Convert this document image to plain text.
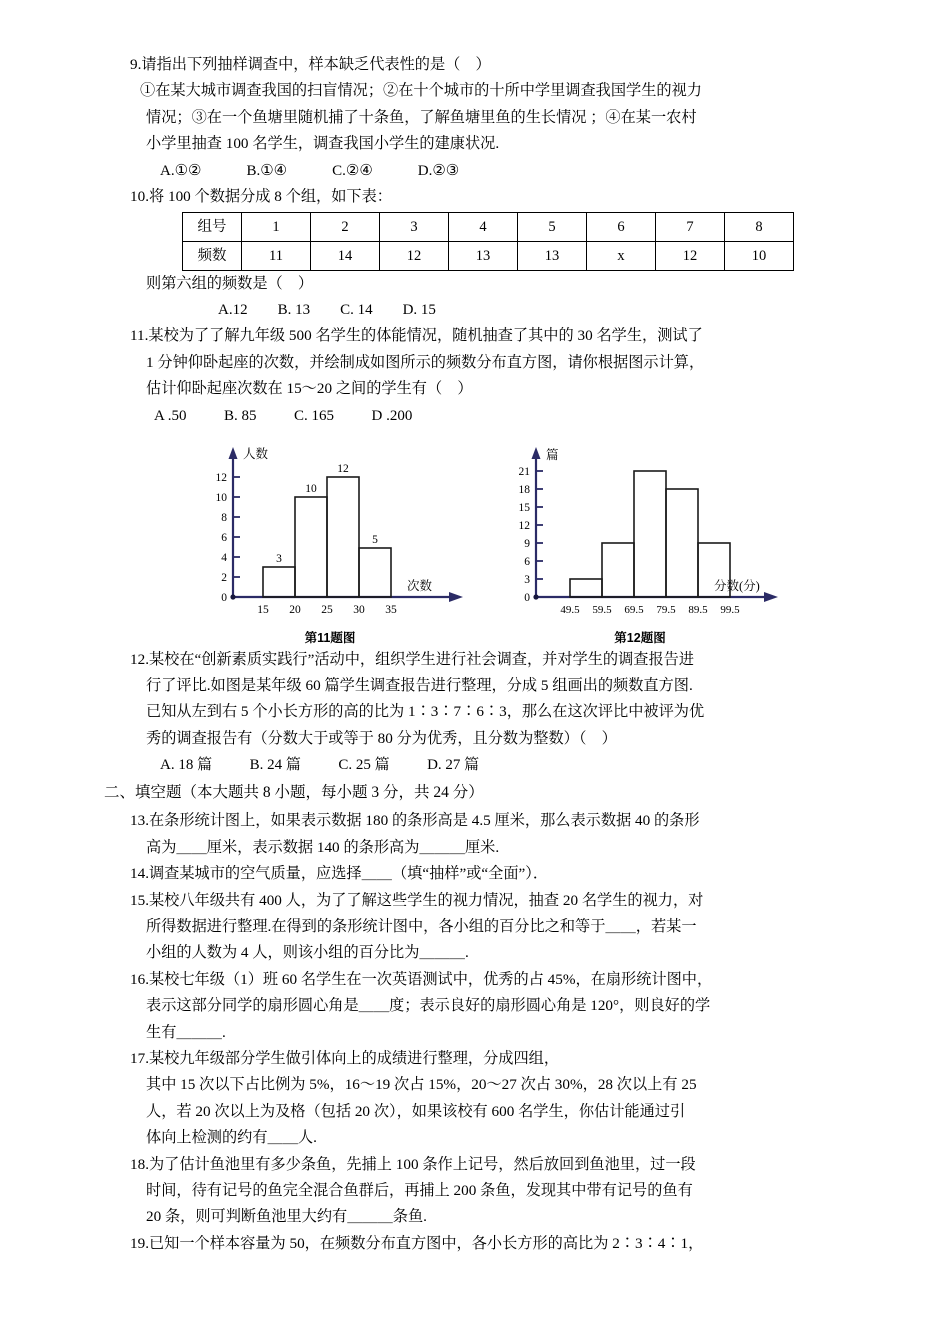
9.请指出下列抽样调查中，样本缺乏代表性的是（    ）
①在某大城市调查我国的扫盲情况；②在十个城市的十所中学里调查我国学生的视力
情况；③在一个鱼塘里随机捕了十条鱼，了解鱼塘里鱼的生长情况 ；④在某一农村
小学里抽查 100 名学生，调查我国小学生的建康状况.
A.①②            B.①④            C.②④            D.②③
10.将 100 个数据分成 8 个组，如下表：
组号	1	2	3	4	5	6	7	8
频数	11	14	12	13	13	x	12	10
则第六组的频数是（    ）
A.12        B. 13        C. 14        D. 15
11.某校为了了解九年级 500 名学生的体能情况，随机抽查了其中的 30 名学生，测试了
1 分钟仰卧起座的次数，并绘制成如图所示的频数分布直方图，请你根据图示计算，
估计仰卧起座次数在 15～20 之间的学生有（    ）
A .50          B. 85          C. 165          D .200
0
2
4
6
8
10
12
3
10
12
5
15 20 25 30 35
人数
次数
第11题图
0
3
6
9
12
15
18
21
49.5 59.5 69.5 79.5 89.5 99.5
篇
分数(分)
第12题图
12.某校在“创新素质实践行”活动中，组织学生进行社会调查，并对学生的调查报告进
行了评比.如图是某年级 60 篇学生调查报告进行整理，分成 5 组画出的频数直方图.
已知从左到右 5 个小长方形的高的比为 1∶3∶7∶6∶3，那么在这次评比中被评为优
秀的调查报告有（分数大于或等于 80 分为优秀，且分数为整数）（    ）
A. 18 篇          B. 24 篇          C. 25 篇          D. 27 篇
二、填空题（本大题共 8 小题，每小题 3 分，共 24 分）
13.在条形统计图上，如果表示数据 180 的条形高是 4.5 厘米，那么表示数据 40 的条形
高为＿＿厘米，表示数据 140 的条形高为＿＿＿厘米.
14.调查某城市的空气质量，应选择＿＿（填“抽样”或“全面”）．
15.某校八年级共有 400 人，为了了解这些学生的视力情况，抽查 20 名学生的视力，对
所得数据进行整理.在得到的条形统计图中，各小组的百分比之和等于＿＿，若某一
小组的人数为 4 人，则该小组的百分比为＿＿＿.
16.某校七年级（1）班 60 名学生在一次英语测试中，优秀的占 45%，在扇形统计图中，
表示这部分同学的扇形圆心角是＿＿度；表示良好的扇形圆心角是 120°，则良好的学
生有＿＿＿.
17.某校九年级部分学生做引体向上的成绩进行整理，分成四组，
其中 15 次以下占比例为 5%，16～19 次占 15%，20～27 次占 30%，28 次以上有 25
人，若 20 次以上为及格（包括 20 次），如果该校有 600 名学生，你估计能通过引
体向上检测的约有＿＿人.
18.为了估计鱼池里有多少条鱼，先捕上 100 条作上记号，然后放回到鱼池里，过一段
时间，待有记号的鱼完全混合鱼群后，再捕上 200 条鱼，发现其中带有记号的鱼有
20 条，则可判断鱼池里大约有＿＿＿条鱼.
19.已知一个样本容量为 50，在频数分布直方图中，各小长方形的高比为 2∶3∶4∶1，
